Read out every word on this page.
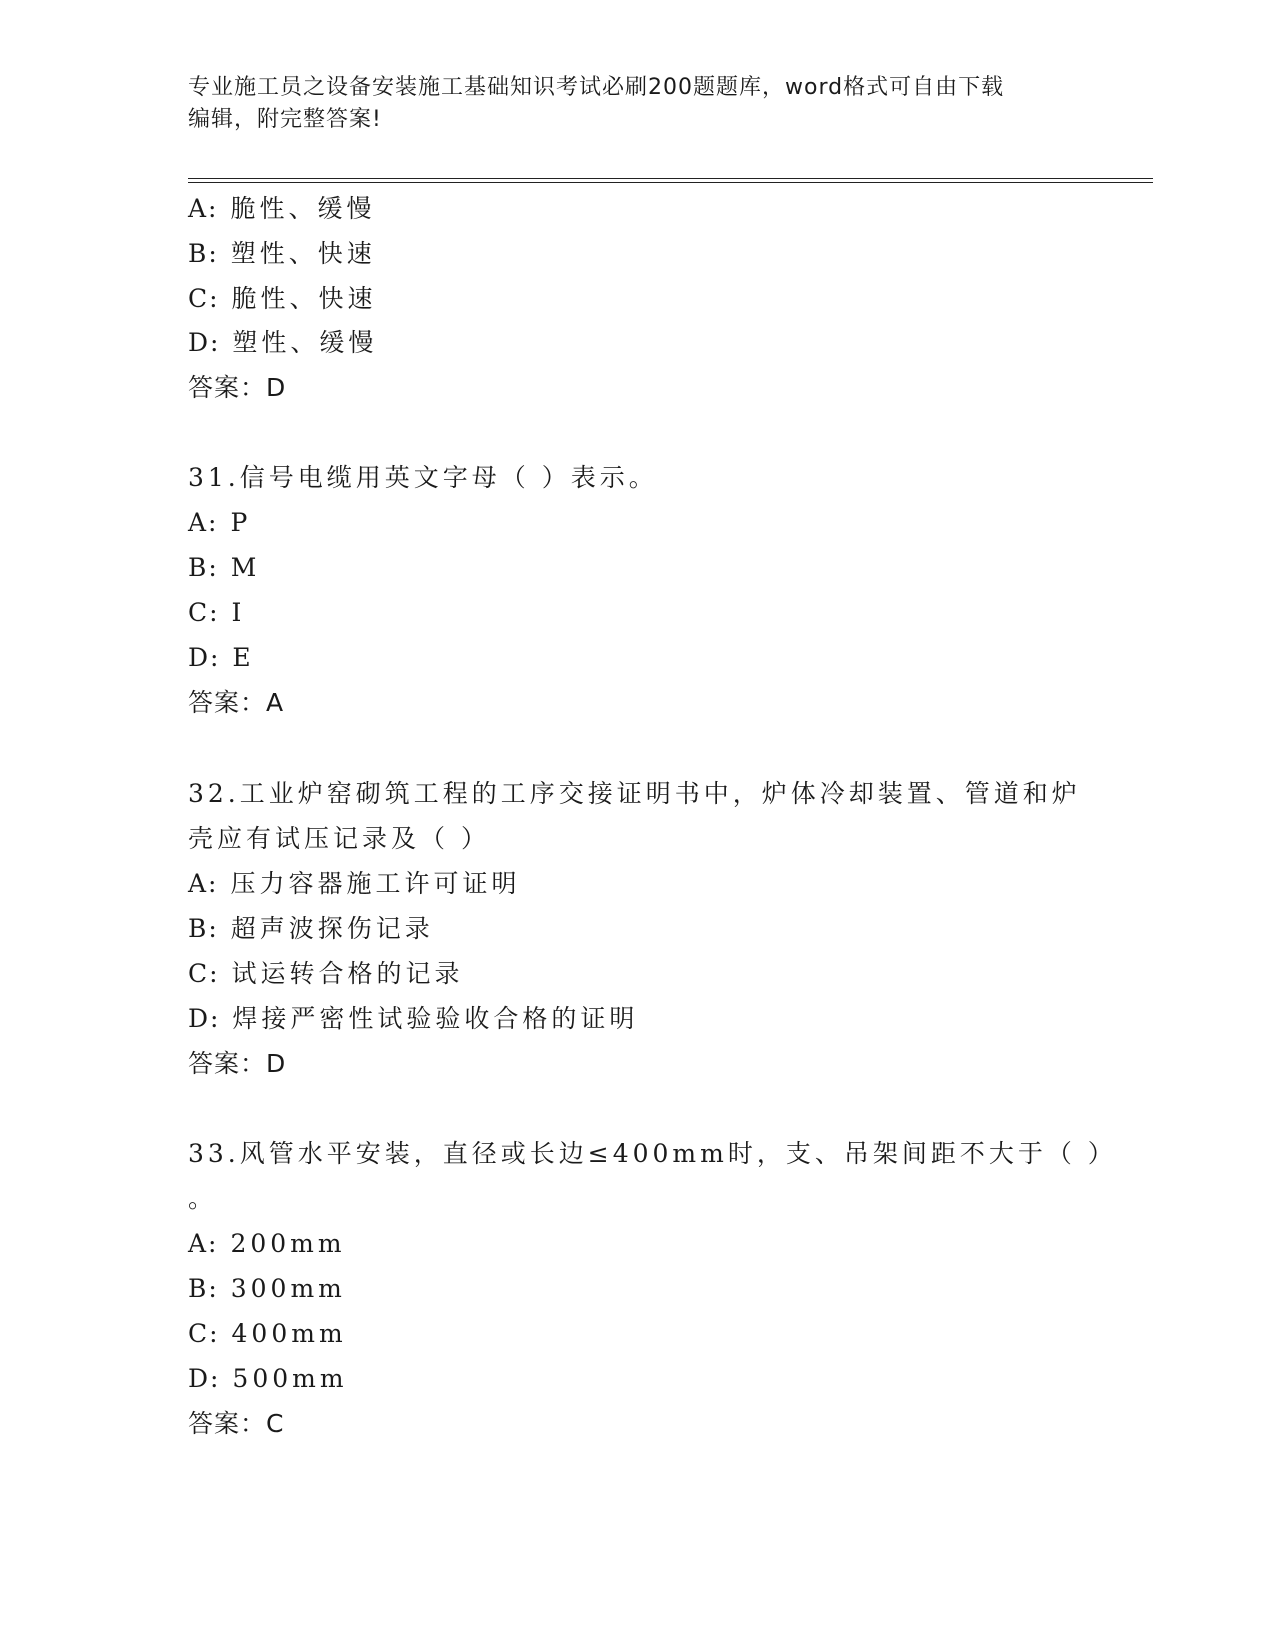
专业施工员之设备安装施工基础知识考试必刷200题题库，word格式可自由下载
编辑，附完整答案!
A: 脆性、缓慢
B: 塑性、快速
C: 脆性、快速
D: 塑性、缓慢
答案：D
31.信号电缆用英文字母（ ）表示。
A: P
B: M
C: I
D: E
答案：A
32.工业炉窑砌筑工程的工序交接证明书中，炉体冷却装置、管道和炉
壳应有试压记录及（ ）
A: 压力容器施工许可证明
B: 超声波探伤记录
C: 试运转合格的记录
D: 焊接严密性试验验收合格的证明
答案：D
33.风管水平安装，直径或长边≤400mm时，支、吊架间距不大于（ ）
。
A: 200mm
B: 300mm
C: 400mm
D: 500mm
答案：C
